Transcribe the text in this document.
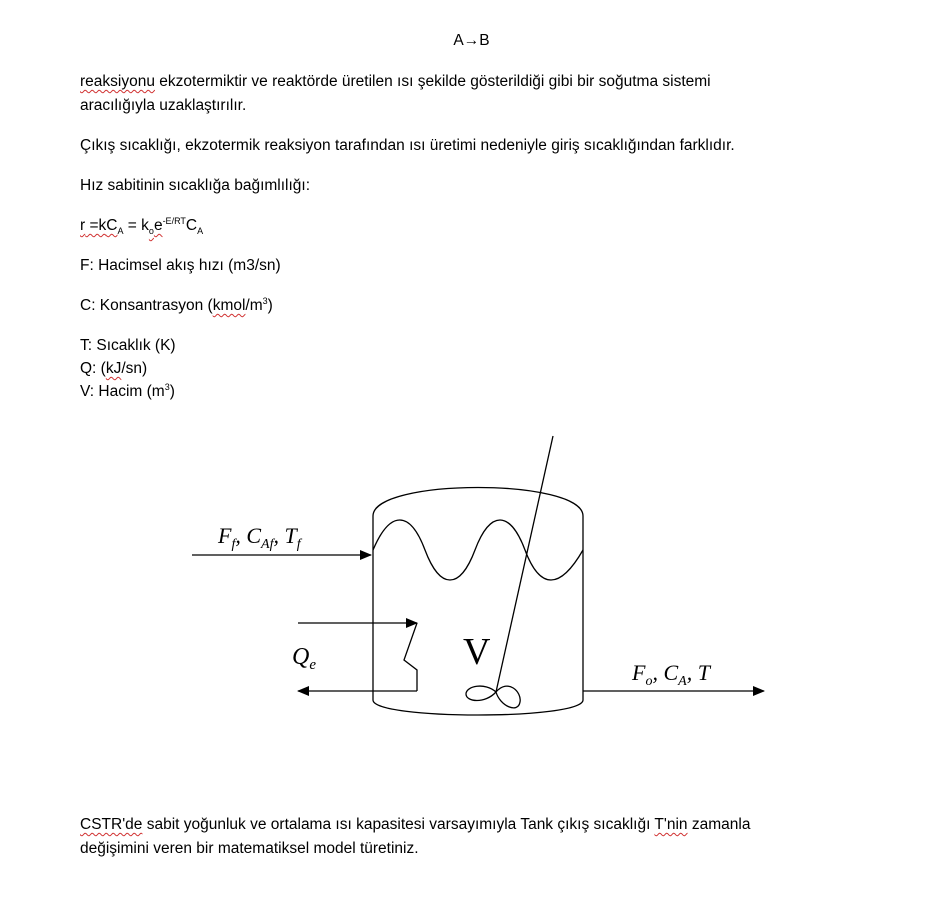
A→B
reaksiyonu ekzotermiktir ve reaktörde üretilen ısı şekilde gösterildiği gibi bir soğutma sistemi
aracılığıyla uzaklaştırılır.
Çıkış sıcaklığı, ekzotermik reaksiyon tarafından ısı üretimi nedeniyle giriş sıcaklığından farklıdır.
Hız sabitinin sıcaklığa bağımlılığı:
$r =kC_A = k_oe^{-E/RT}C_A$
F: Hacimsel akış hızı (m3/sn)
C: Konsantrasyon $(kmol/m^3)$
T: Sıcaklık (K)
Q: (kJ/sn)
V: Hacim $(m^3)$
$F_f$, $C_{Af}$, $T_f$
$Q_e$	V	$F_o$, $C_A$, T
CSTR'de sabit yoğunluk ve ortalama ısı kapasitesi varsayımıyla Tank çıkış sıcaklığı T'nin zamanla
değişimini veren bir matematiksel model türetiniz.
